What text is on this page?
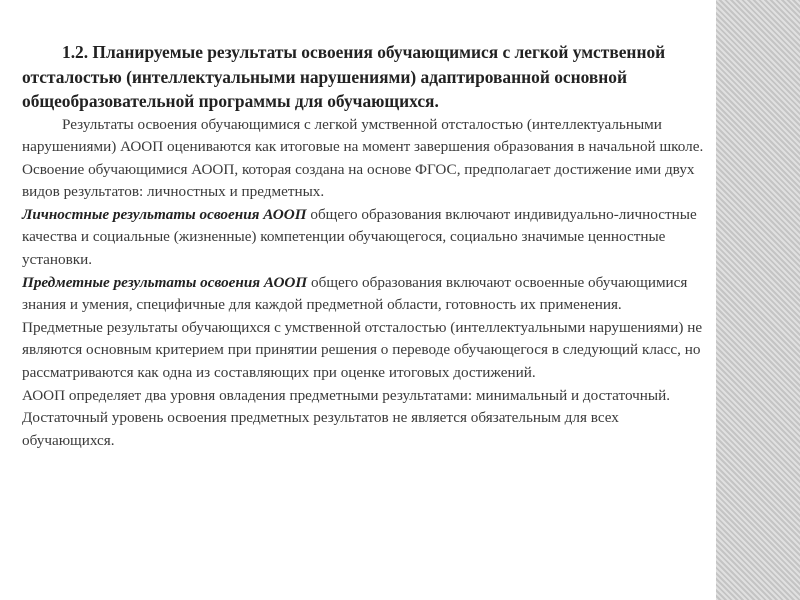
1.2. Планируемые результаты освоения обучающимися с легкой умственной отсталостью (интеллектуальными нарушениями) адаптированной основной общеобразовательной программы для обучающихся.

Результаты освоения обучающимися с легкой умственной отсталостью (интеллектуальными нарушениями) АООП оцениваются как итоговые на момент завершения образования в начальной школе. Освоение обучающимися АООП, которая создана на основе ФГОС, предполагает достижение ими двух видов результатов: личностных и предметных.

Личностные результаты освоения АООП общего образования включают индивидуально-личностные качества и социальные (жизненные) компетенции обучающегося, социально значимые ценностные установки.

Предметные результаты освоения АООП общего образования включают освоенные обучающимися знания и умения, специфичные для каждой предметной области, готовность их применения.

Предметные результаты обучающихся с умственной отсталостью (интеллектуальными нарушениями) не являются основным критерием при принятии решения о переводе обучающегося в следующий класс, но рассматриваются как одна из составляющих при оценке итоговых достижений.

АООП определяет два уровня овладения предметными результатами: минимальный и достаточный. Достаточный уровень освоения предметных результатов не является обязательным для всех обучающихся.
